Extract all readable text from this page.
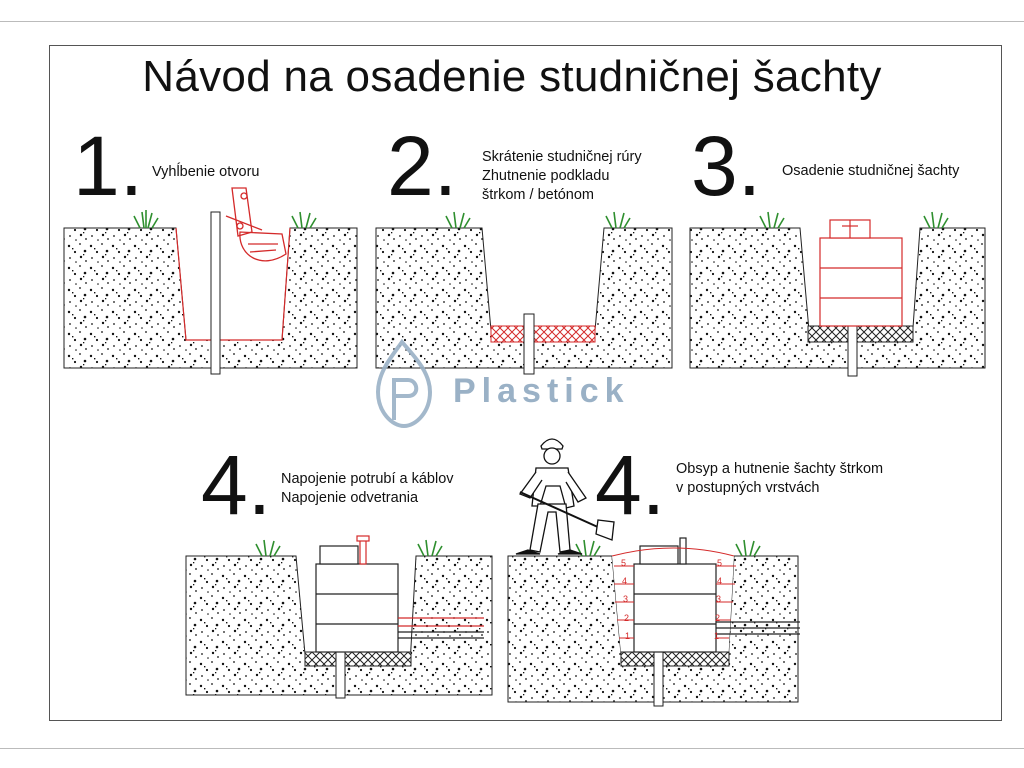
Návod na osadenie studničnej šachty
Plastick
1.	2.	3.
4.	4.
Vyhĺbenie otvoru
Skrátenie studničnej rúry
Zhutnenie podkladu
štrkom / betónom
Osadenie studničnej šachty
Napojenie potrubí a káblov
Napojenie odvetrania
Obsyp a hutnenie šachty štrkom
v postupných vrstvách
5	5
4	4
3	3
2	2
1	1
